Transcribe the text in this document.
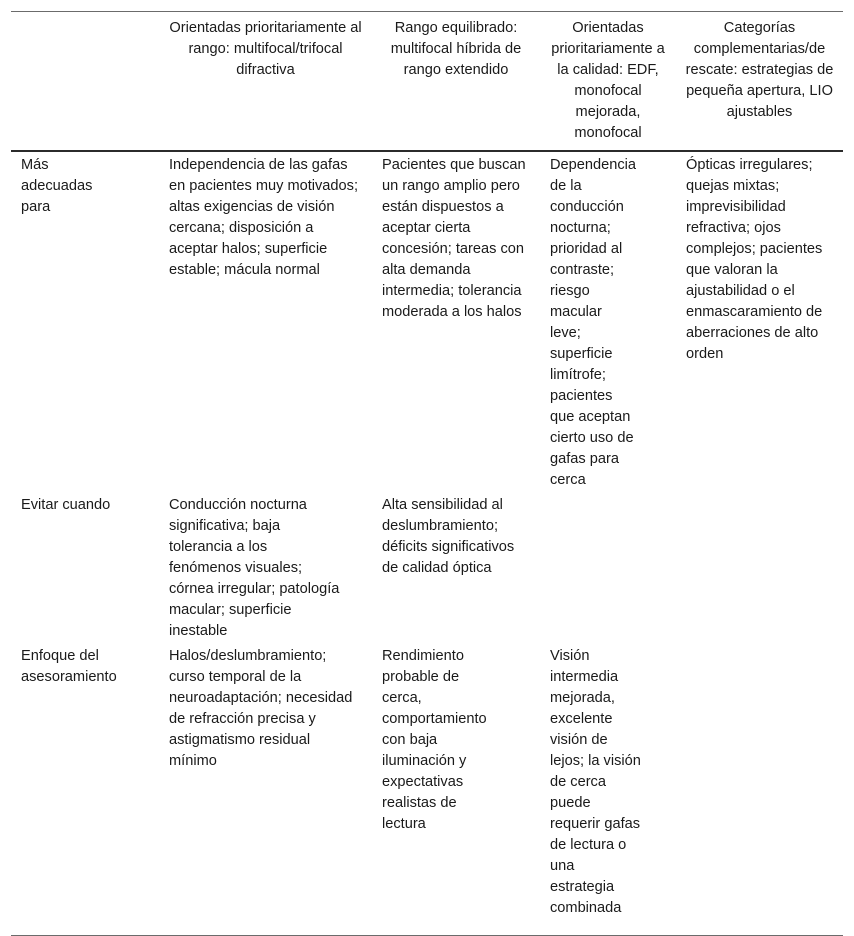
	Orientadas prioritariamente al rango: multifocal/trifocal difractiva	Rango equilibrado: multifocal híbrida de rango extendido	Orientadas prioritariamente a la calidad: EDF, monofocal mejorada, monofocal	Categorías complementarias/de rescate: estrategias de pequeña apertura, LIO ajustables
Más adecuadas para	Independencia de las gafas en pacientes muy motivados; altas exigencias de visión cercana; disposición a aceptar halos; superficie estable; mácula normal	Pacientes que buscan un rango amplio pero están dispuestos a aceptar cierta concesión; tareas con alta demanda intermedia; tolerancia moderada a los halos	Dependencia de la conducción nocturna; prioridad al contraste; riesgo macular leve; superficie limítrofe; pacientes que aceptan cierto uso de gafas para cerca	Ópticas irregulares; quejas mixtas; imprevisibilidad refractiva; ojos complejos; pacientes que valoran la ajustabilidad o el enmascaramiento de aberraciones de alto orden
Evitar cuando	Conducción nocturna significativa; baja tolerancia a los fenómenos visuales; córnea irregular; patología macular; superficie inestable	Alta sensibilidad al deslumbramiento; déficits significativos de calidad óptica		
Enfoque del asesoramiento	Halos/deslumbramiento; curso temporal de la neuroadaptación; necesidad de refracción precisa y astigmatismo residual mínimo	Rendimiento probable de cerca, comportamiento con baja iluminación y expectativas realistas de lectura	Visión intermedia mejorada, excelente visión de lejos; la visión de cerca puede requerir gafas de lectura o una estrategia combinada	
